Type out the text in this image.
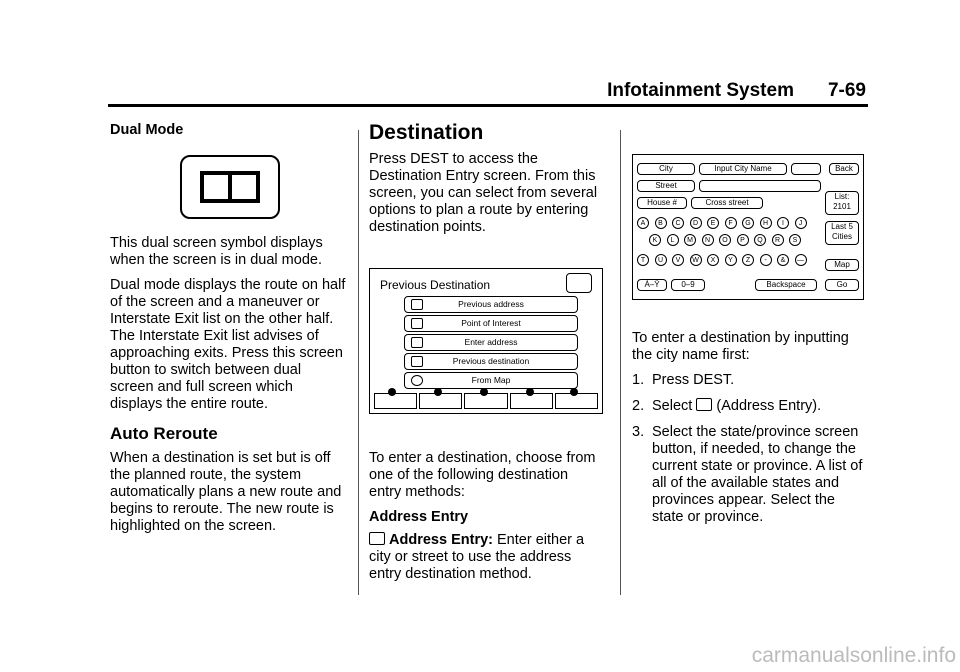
Infotainment System 7-69
Dual Mode

This dual screen symbol displays when the screen is in dual mode.

Dual mode displays the route on half of the screen and a maneuver or Interstate Exit list on the other half. The Interstate Exit list advises of approaching exits. Press this screen button to switch between dual screen and full screen which displays the entire route.

Auto Reroute

When a destination is set but is off the planned route, the system automatically plans a new route and begins to reroute. The new route is highlighted on the screen.

Destination

Press DEST to access the Destination Entry screen. From this screen, you can select from several options to plan a route by entering destination points.

Previous Destination
Previous address
Point of Interest
Enter address
Previous destination
From Map

To enter a destination, choose from one of the following destination entry methods:

Address Entry

Address Entry: Enter either a city or street to use the address entry destination method.

City	Input City Name	Back
Street
List:
2101
House #	Cross street
Last 5
Cities
Map
À–Ÿ	0–9	Backspace	Go
A	B	C	D	E	F	G	H	I	J
K	L	M	N	O	P	Q	R	S
T	U	V	W	X	Y	Z	-	&	—

To enter a destination by inputting the city name first:

1. Press DEST.
2. Select (Address Entry).
3. Select the state/province screen button, if needed, to change the current state or province. A list of all of the available states and provinces appear. Select the state or province.
carmanualsonline.info
